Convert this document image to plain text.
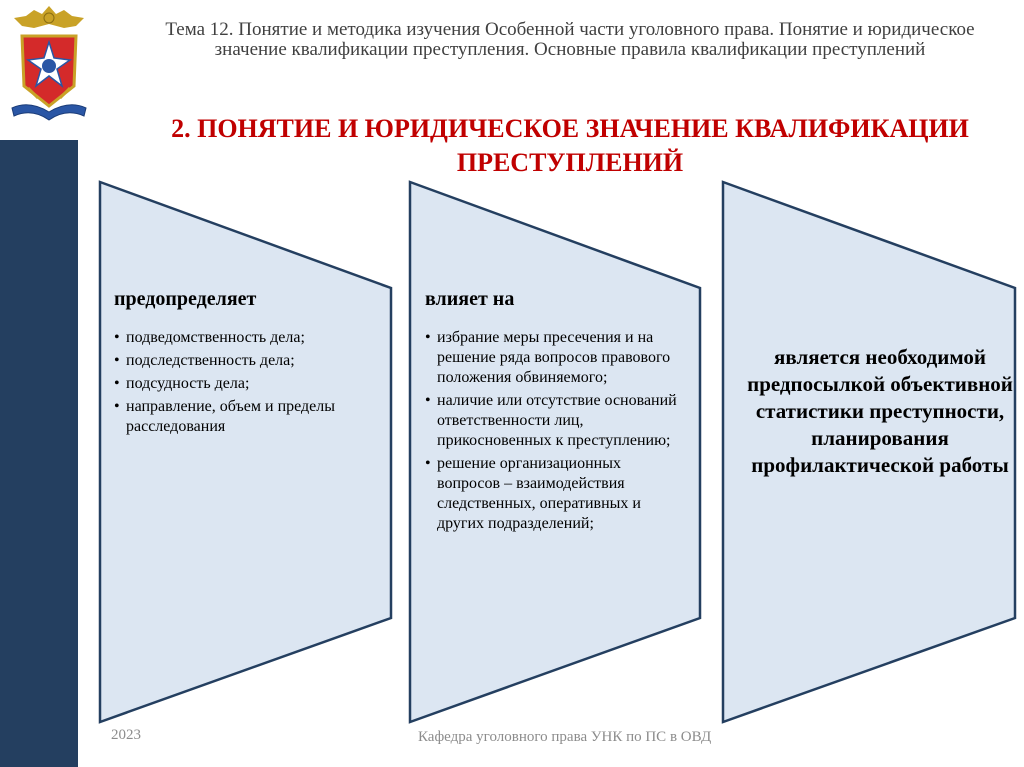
Тема 12. Понятие и методика изучения Особенной части уголовного права. Понятие и юридическое значение квалификации преступления. Основные правила квалификации преступлений

2. ПОНЯТИЕ И ЮРИДИЧЕСКОЕ ЗНАЧЕНИЕ КВАЛИФИКАЦИИ ПРЕСТУПЛЕНИЙ
предопределяет
• подведомственность дела;
• подследственность дела;
• подсудность дела;
• направление, объем и пределы расследования
влияет на
• избрание меры пресечения и на решение ряда вопросов правового положения обвиняемого;
• наличие или отсутствие оснований ответственности лиц, прикосновенных к преступлению;
• решение организационных вопросов – взаимодействия следственных, оперативных и других подразделений;

является необходимой предпосылкой объективной статистики преступности, планирования профилактической работы

2023	Кафедра уголовного права УНК по ПС в ОВД
